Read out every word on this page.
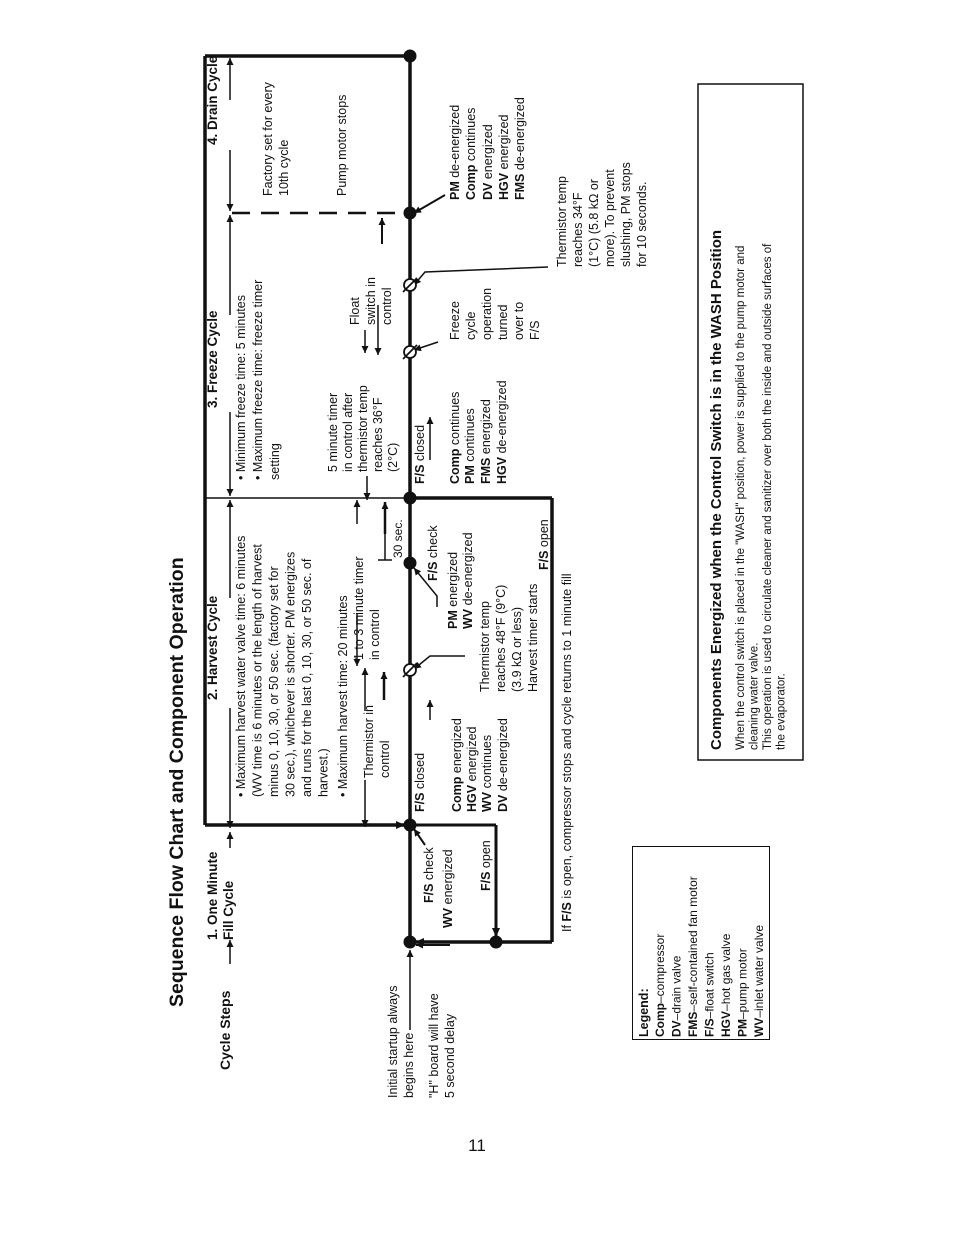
Sequence Flow Chart and Component Operation
Cycle Steps
1. One Minute Fill Cycle
2. Harvest Cycle
3. Freeze Cycle
4. Drain Cycle
Initial startup always begins here "H" board will have 5 second delay
F/S check
WV energized F/S open
• Maximum harvest water valve time: 6 minutes (WV time is 6 minutes or the length of harvest minus 0, 10, 30, or 50 sec. (factory set for 30 sec.), whichever is shorter. PM energizes and runs for the last 0, 10, 30, or 50 sec. of harvest.) • Maximum harvest time: 20 minutes Thermistor in control
1 to 3 minute timer in control
30 sec.
F/S closed
Comp energized
HGV energized
WV continues
DV de-energized
Thermistor temp reaches 48°F (9°C) (3.9 kΩ or less) Harvest timer starts
PM energized
WV de-energized
F/S check	F/S open
If F/S is open, compressor stops and cycle returns to 1 minute fill
• Minimum freeze time: 5 minutes • Maximum freeze time: freeze timer setting	5 minute timer in control after thermistor temp reaches 36°F (2°C)
Float switch in control
F/S closed
Comp continues
PM continues
FMS energized
HGV de-energized
Freeze cycle operation turned over to F/S
Thermistor temp reaches 34°F (1°C) (5.8 kΩ or more). To prevent slushing, PM stops for 10 seconds.
Factory set for every 10th cycle	Pump motor stops	PM de-energized
Comp continues
DV energized
HGV energized
FMS de-energized
Components Energized when the Control Switch is in the WASH Position When the control switch is placed in the "WASH" position, power is supplied to the pump motor and cleaning water valve. This operation is used to circulate cleaner and sanitizer over both the inside and outside surfaces of the evaporator.
Legend: Comp–compressor
DV–drain valve
FMS–self-contained fan motor
F/S–float switch
HGV–hot gas valve
PM–pump motor
WV–inlet water valve
11
